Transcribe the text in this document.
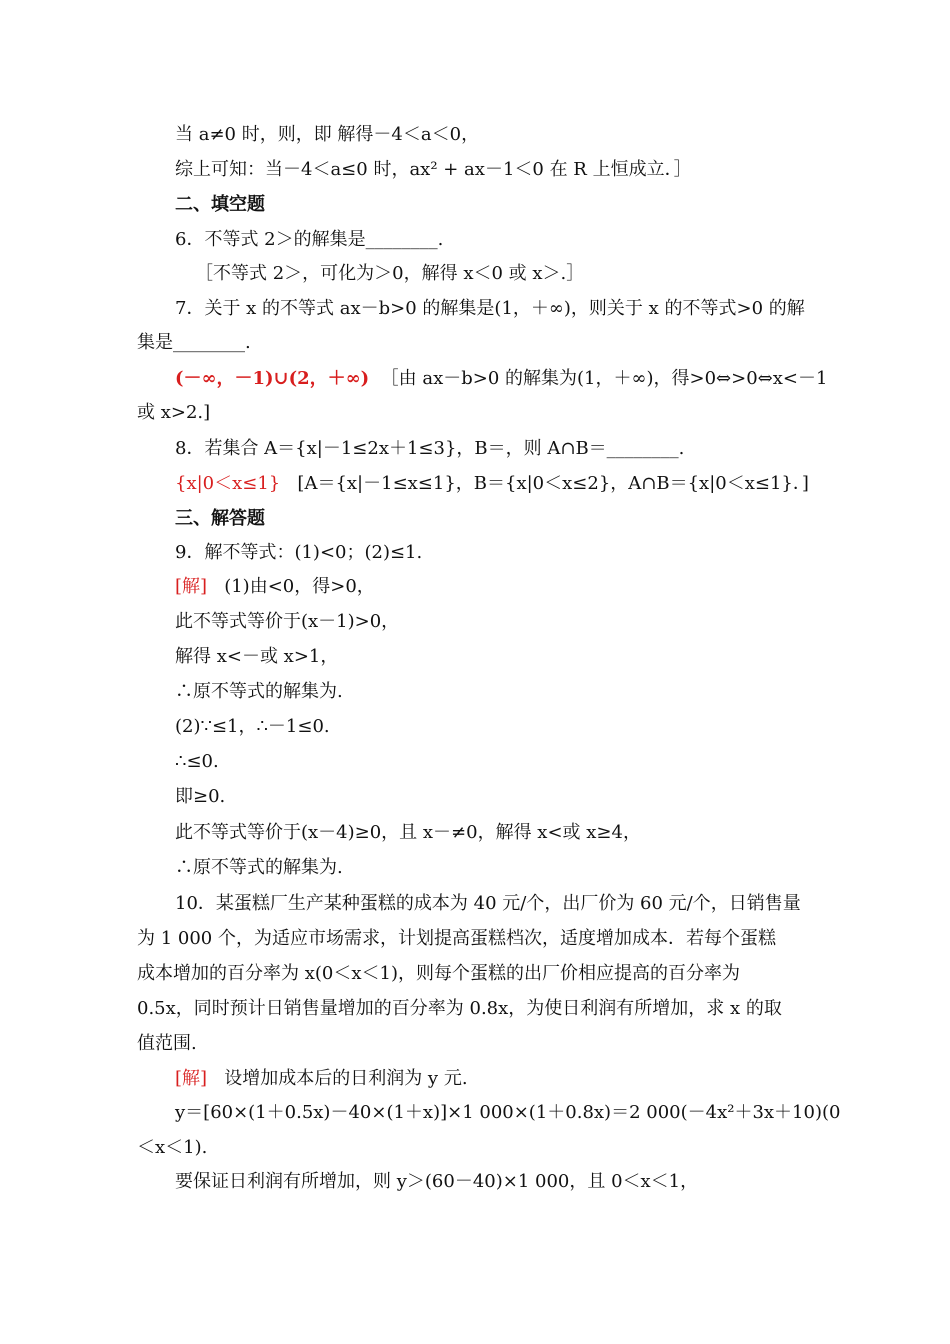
当 a≠0 时，则，即 解得－4＜a＜0，
综上可知：当－4＜a≤0 时，ax² + ax－1＜0 在 R 上恒成立．］
二、填空题
6．不等式 2＞的解集是________.
［不等式 2＞，可化为＞0，解得 x＜0 或 x＞.］
7．关于 x 的不等式 ax－b>0 的解集是(1，＋∞)，则关于 x 的不等式>0 的解
集是________.
(－∞，－1)∪(2，＋∞)  ［由 ax－b>0 的解集为(1，＋∞)，得>0⇔>0⇔x<－1
或 x>2.]
8．若集合 A＝{x|－1≤2x＋1≤3}，B＝，则 A∩B＝________.
{x|0＜x≤1}   [A＝{x|－1≤x≤1}，B＝{x|0＜x≤2}，A∩B＝{x|0＜x≤1}．]
三、解答题
9．解不等式：(1)<0；(2)≤1.
[解]   (1)由<0，得>0，
此不等式等价于(x－1)>0，
解得 x<－或 x>1，
∴原不等式的解集为.
(2)∵≤1，∴－1≤0.
∴≤0.
即≥0.
此不等式等价于(x－4)≥0，且 x－≠0，解得 x<或 x≥4，
∴原不等式的解集为.
10．某蛋糕厂生产某种蛋糕的成本为 40 元/个，出厂价为 60 元/个，日销售量
为 1 000 个，为适应市场需求，计划提高蛋糕档次，适度增加成本．若每个蛋糕
成本增加的百分率为 x(0＜x＜1)，则每个蛋糕的出厂价相应提高的百分率为
0.5x，同时预计日销售量增加的百分率为 0.8x，为使日利润有所增加，求 x 的取
值范围.
[解]   设增加成本后的日利润为 y 元.
y＝[60×(1＋0.5x)－40×(1＋x)]×1 000×(1＋0.8x)＝2 000(－4x²＋3x＋10)(0
＜x＜1).
要保证日利润有所增加，则 y＞(60－40)×1 000，且 0＜x＜1，
